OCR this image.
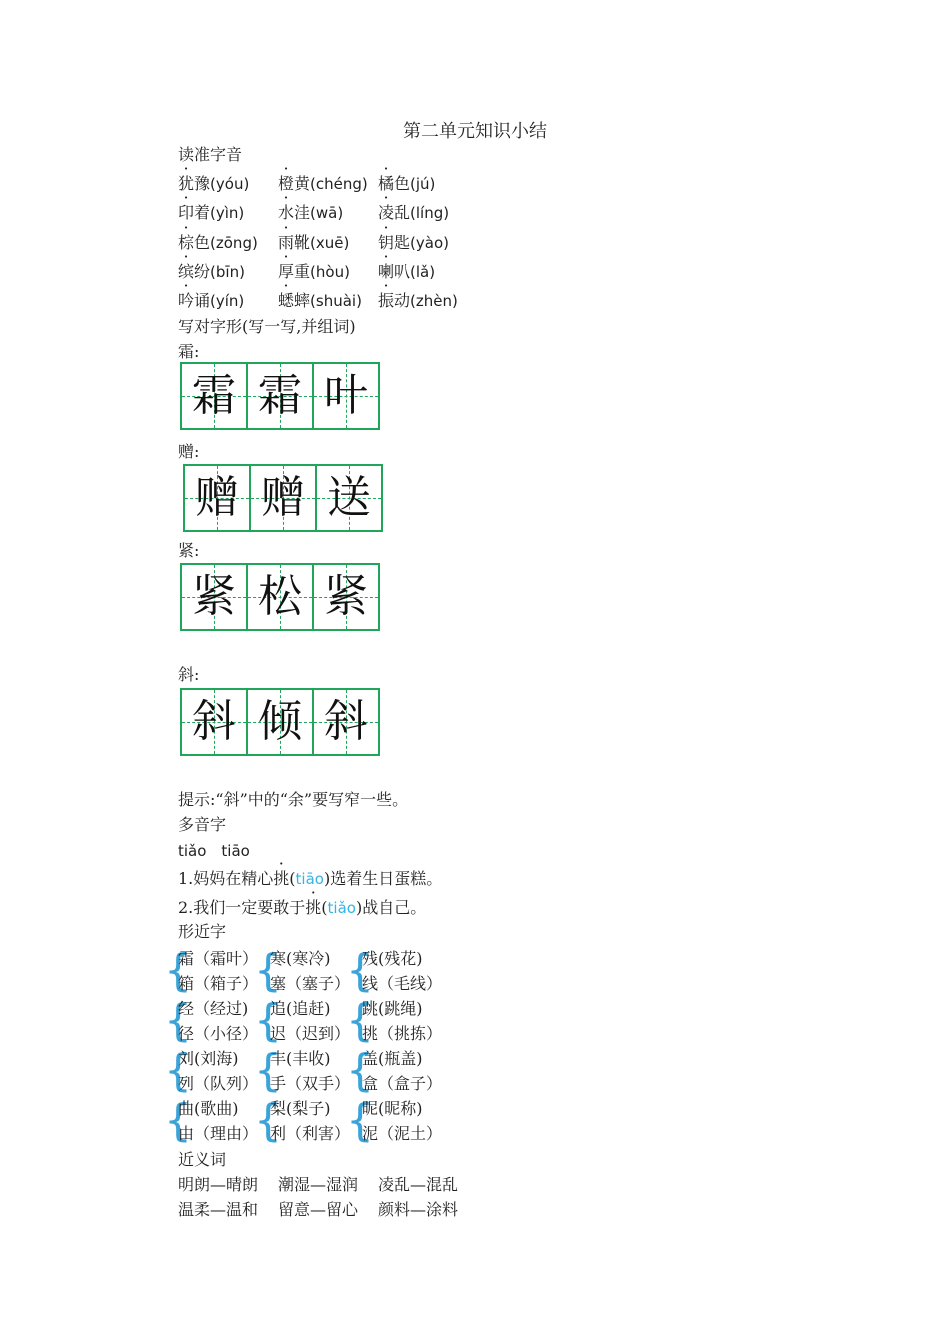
第二单元知识小结
读准字音
犹豫(yóu) 橙黄(chéng) 橘色(jú)
印着(yìn) 水洼(wā) 凌乱(líng)
棕色(zōng) 雨靴(xuē) 钥匙(yào)
缤纷(bīn) 厚重(hòu) 喇叭(lǎ)
吟诵(yín) 蟋蟀(shuài) 振动(zhèn)
写对字形(写一写,并组词)
霜:
霜 霜 叶
赠:
赠 赠 送
紧:
紧 松 紧
斜:
斜 倾 斜
提示:“斜”中的“余”要写窄一些。
多音字
tiǎo　tiāo
1.妈妈在精心挑(tiāo)选着生日蛋糕。
2.我们一定要敢于挑(tiǎo)战自己。
形近字
{
霜（霜叶）
箱（箱子）
{
寒(寒冷)
塞（塞子）
{
残(残花)
线（毛线）
{
经（经过)
径（小径）
{
追(追赶)
迟（迟到）
{
跳(跳绳)
挑（挑拣）
{
刘(刘海)
列（队列）
{
丰(丰收)
手（双手）
{
盖(瓶盖)
盒（盒子）
{
曲(歌曲)
由（理由）
{
梨(梨子)
利（利害）
{
昵(昵称)
泥（泥土）
近义词
明朗—晴朗 潮湿—湿润 凌乱—混乱
温柔—温和 留意—留心 颜料—涂料
